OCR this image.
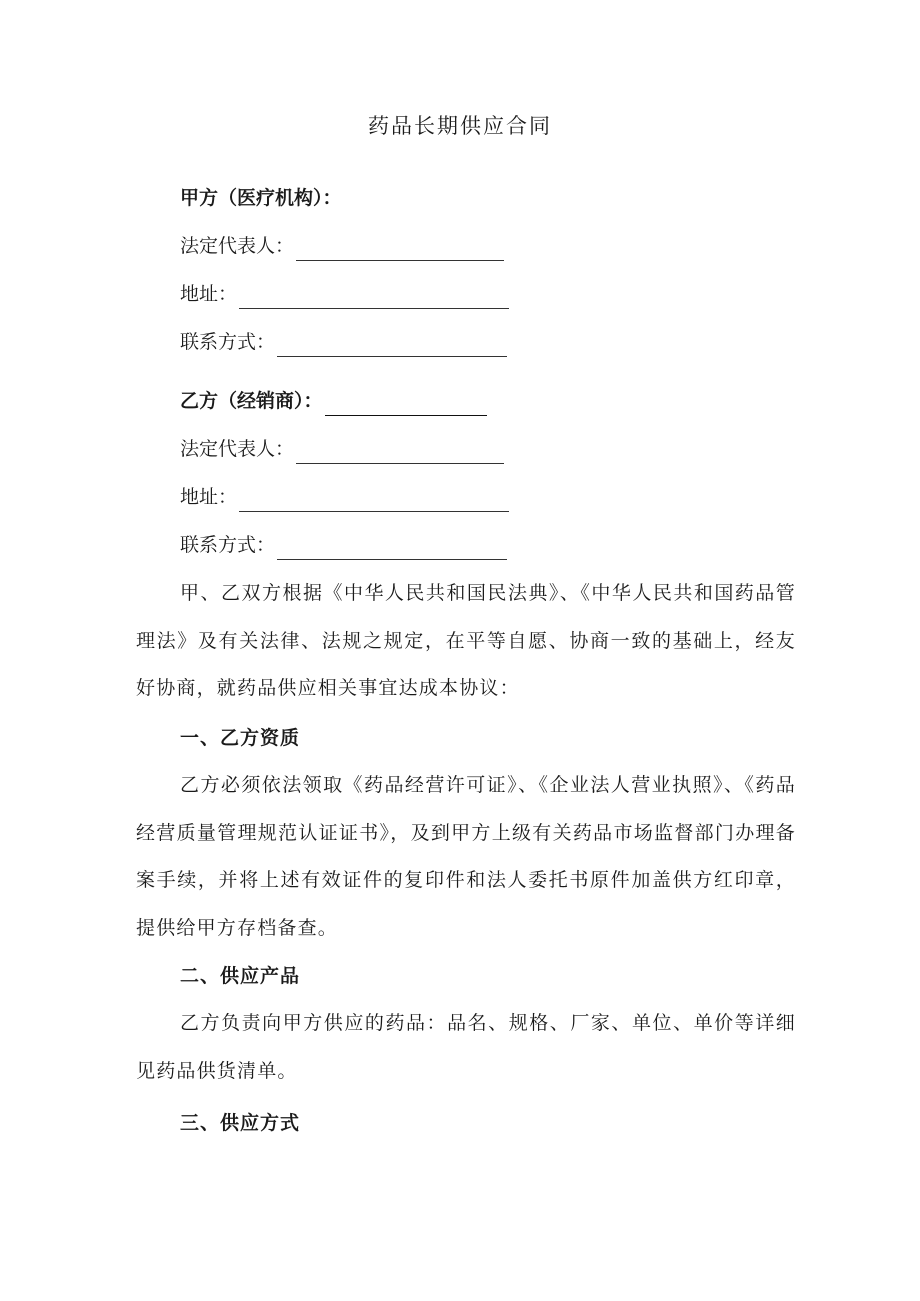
药品长期供应合同
甲方（医疗机构）：
法定代表人：
地址：
联系方式：
乙方（经销商）：
法定代表人：
地址：
联系方式：
甲、乙双方根据《中华人民共和国民法典》、《中华人民共和国药品管理法》及有关法律、法规之规定，在平等自愿、协商一致的基础上，经友好协商，就药品供应相关事宜达成本协议：
一、乙方资质
乙方必须依法领取《药品经营许可证》、《企业法人营业执照》、《药品经营质量管理规范认证证书》，及到甲方上级有关药品市场监督部门办理备案手续，并将上述有效证件的复印件和法人委托书原件加盖供方红印章，提供给甲方存档备查。
二、供应产品
乙方负责向甲方供应的药品：品名、规格、厂家、单位、单价等详细见药品供货清单。
三、供应方式
